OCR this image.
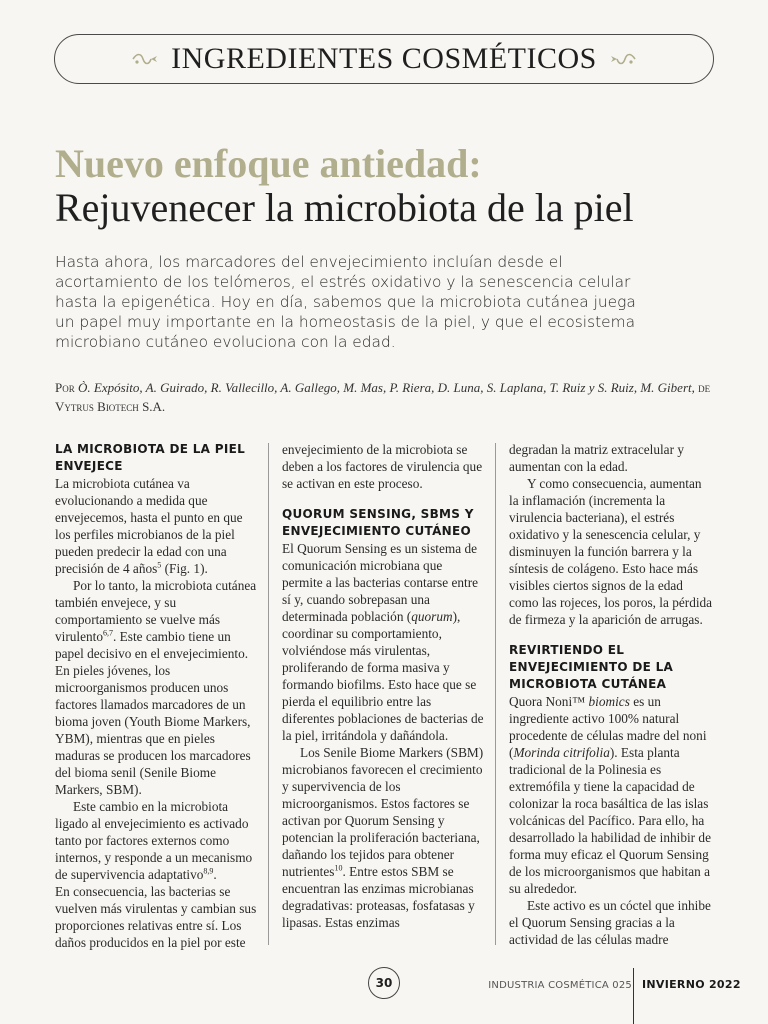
INGREDIENTES COSMÉTICOS
Nuevo enfoque antiedad:
Rejuvenecer la microbiota de la piel
Hasta ahora, los marcadores del envejecimiento incluían desde el acortamiento de los telómeros, el estrés oxidativo y la senescencia celular hasta la epigenética. Hoy en día, sabemos que la microbiota cutánea juega un papel muy importante en la homeostasis de la piel, y que el ecosistema microbiano cutáneo evoluciona con la edad.
Por Ò. Expósito, A. Guirado, R. Vallecillo, A. Gallego, M. Mas, P. Riera, D. Luna, S. Laplana, T. Ruiz y S. Ruiz, M. Gibert, de Vytrus Biotech S.A.
LA MICROBIOTA DE LA PIEL ENVEJECE

La microbiota cutánea va evolucionando a medida que envejecemos, hasta el punto en que los perfiles microbianos de la piel pueden predecir la edad con una precisión de 4 años$^5$ (Fig. 1).

Por lo tanto, la microbiota cutánea también envejece, y su comportamiento se vuelve más virulento$^{6,7}$. Este cambio tiene un papel decisivo en el envejecimiento. En pieles jóvenes, los microorganismos producen unos factores llamados marcadores de un bioma joven (Youth Biome Markers, YBM), mientras que en pieles maduras se producen los marcadores del bioma senil (Senile Biome Markers, SBM).

Este cambio en la microbiota ligado al envejecimiento es activado tanto por factores externos como internos, y responde a un mecanismo de supervivencia adaptativo$^{8,9}$.

En consecuencia, las bacterias se vuelven más virulentas y cambian sus proporciones relativas entre sí. Los daños producidos en la piel por este

envejecimiento de la microbiota se deben a los factores de virulencia que se activan en este proceso.

QUORUM SENSING, SBMS Y ENVEJECIMIENTO CUTÁNEO

El Quorum Sensing es un sistema de comunicación microbiana que permite a las bacterias contarse entre sí y, cuando sobrepasan una determinada población (quorum), coordinar su comportamiento, volviéndose más virulentas, proliferando de forma masiva y formando biofilms. Esto hace que se pierda el equilibrio entre las diferentes poblaciones de bacterias de la piel, irritándola y dañándola.

Los Senile Biome Markers (SBM) microbianos favorecen el crecimiento y supervivencia de los microorganismos. Estos factores se activan por Quorum Sensing y potencian la proliferación bacteriana, dañando los tejidos para obtener nutrientes$^{10}$. Entre estos SBM se encuentran las enzimas microbianas degradativas: proteasas, fosfatasas y lipasas. Estas enzimas

degradan la matriz extracelular y aumentan con la edad.

Y como consecuencia, aumentan la inflamación (incrementa la virulencia bacteriana), el estrés oxidativo y la senescencia celular, y disminuyen la función barrera y la síntesis de colágeno. Esto hace más visibles ciertos signos de la edad como las rojeces, los poros, la pérdida de firmeza y la aparición de arrugas.

REVIRTIENDO EL ENVEJECIMIENTO DE LA MICROBIOTA CUTÁNEA

Quora Noni™ biomics es un ingrediente activo 100% natural procedente de células madre del noni (Morinda citrifolia). Esta planta tradicional de la Polinesia es extremófila y tiene la capacidad de colonizar la roca basáltica de las islas volcánicas del Pacífico. Para ello, ha desarrollado la habilidad de inhibir de forma muy eficaz el Quorum Sensing de los microorganismos que habitan a su alrededor.

Este activo es un cóctel que inhibe el Quorum Sensing gracias a la actividad de las células madre

30	INDUSTRIA COSMÉTICA 025 INVIERNO 2022
